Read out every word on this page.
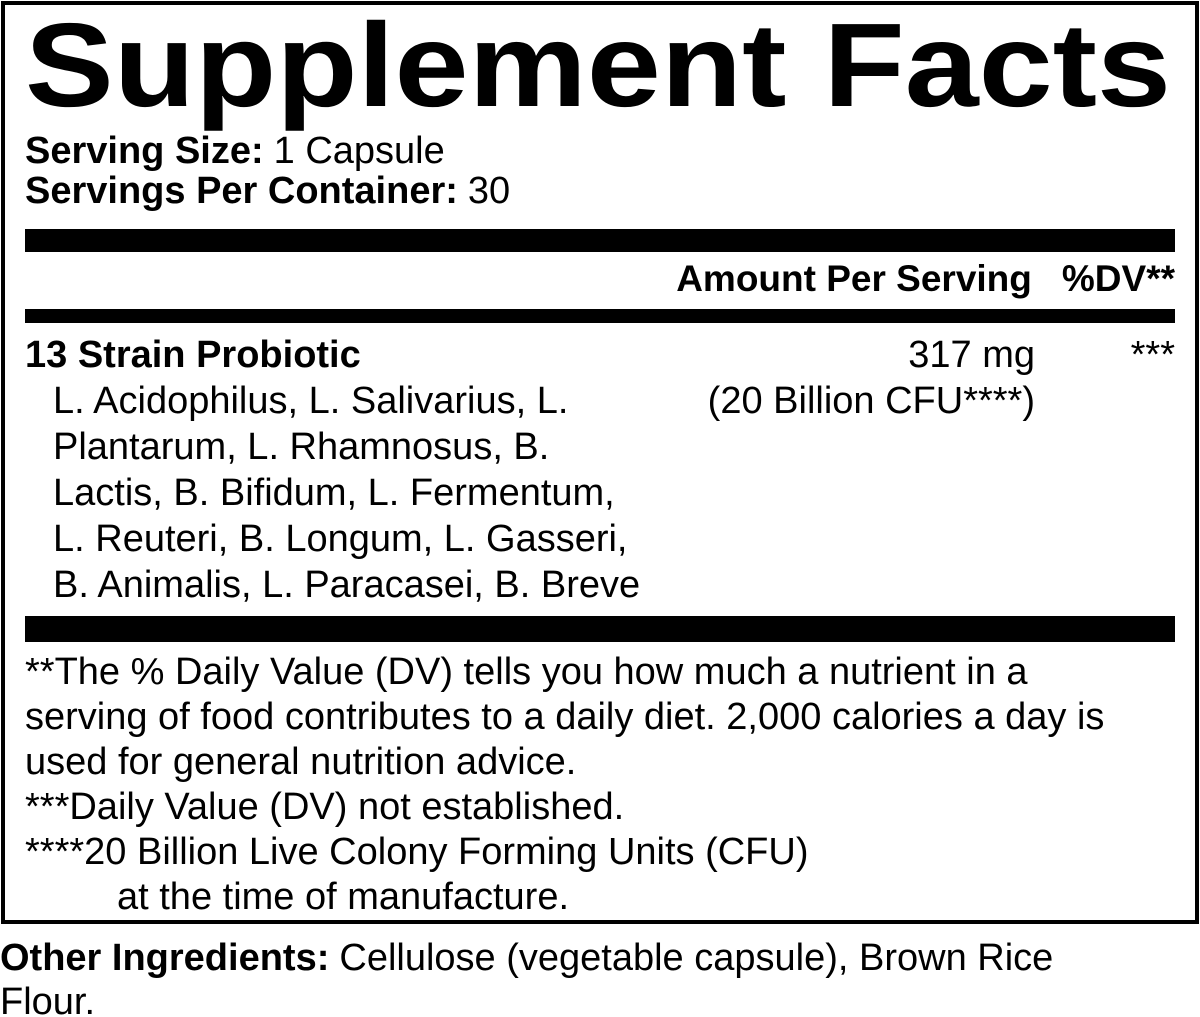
Supplement Facts
Serving Size: 1 Capsule
Servings Per Container: 30
Amount Per Serving %DV**
13 Strain Probiotic
L. Acidophilus, L. Salivarius, L.
Plantarum, L. Rhamnosus, B.
Lactis, B. Bifidum, L. Fermentum,
L. Reuteri, B. Longum, L. Gasseri,
B. Animalis, L. Paracasei, B. Breve
317 mg
(20 Billion CFU****)
***
**The % Daily Value (DV) tells you how much a nutrient in a
serving of food contributes to a daily diet. 2,000 calories a day is
used for general nutrition advice.
***Daily Value (DV) not established.
****20 Billion Live Colony Forming Units (CFU)
at the time of manufacture.
Other Ingredients: Cellulose (vegetable capsule), Brown Rice
Flour.
